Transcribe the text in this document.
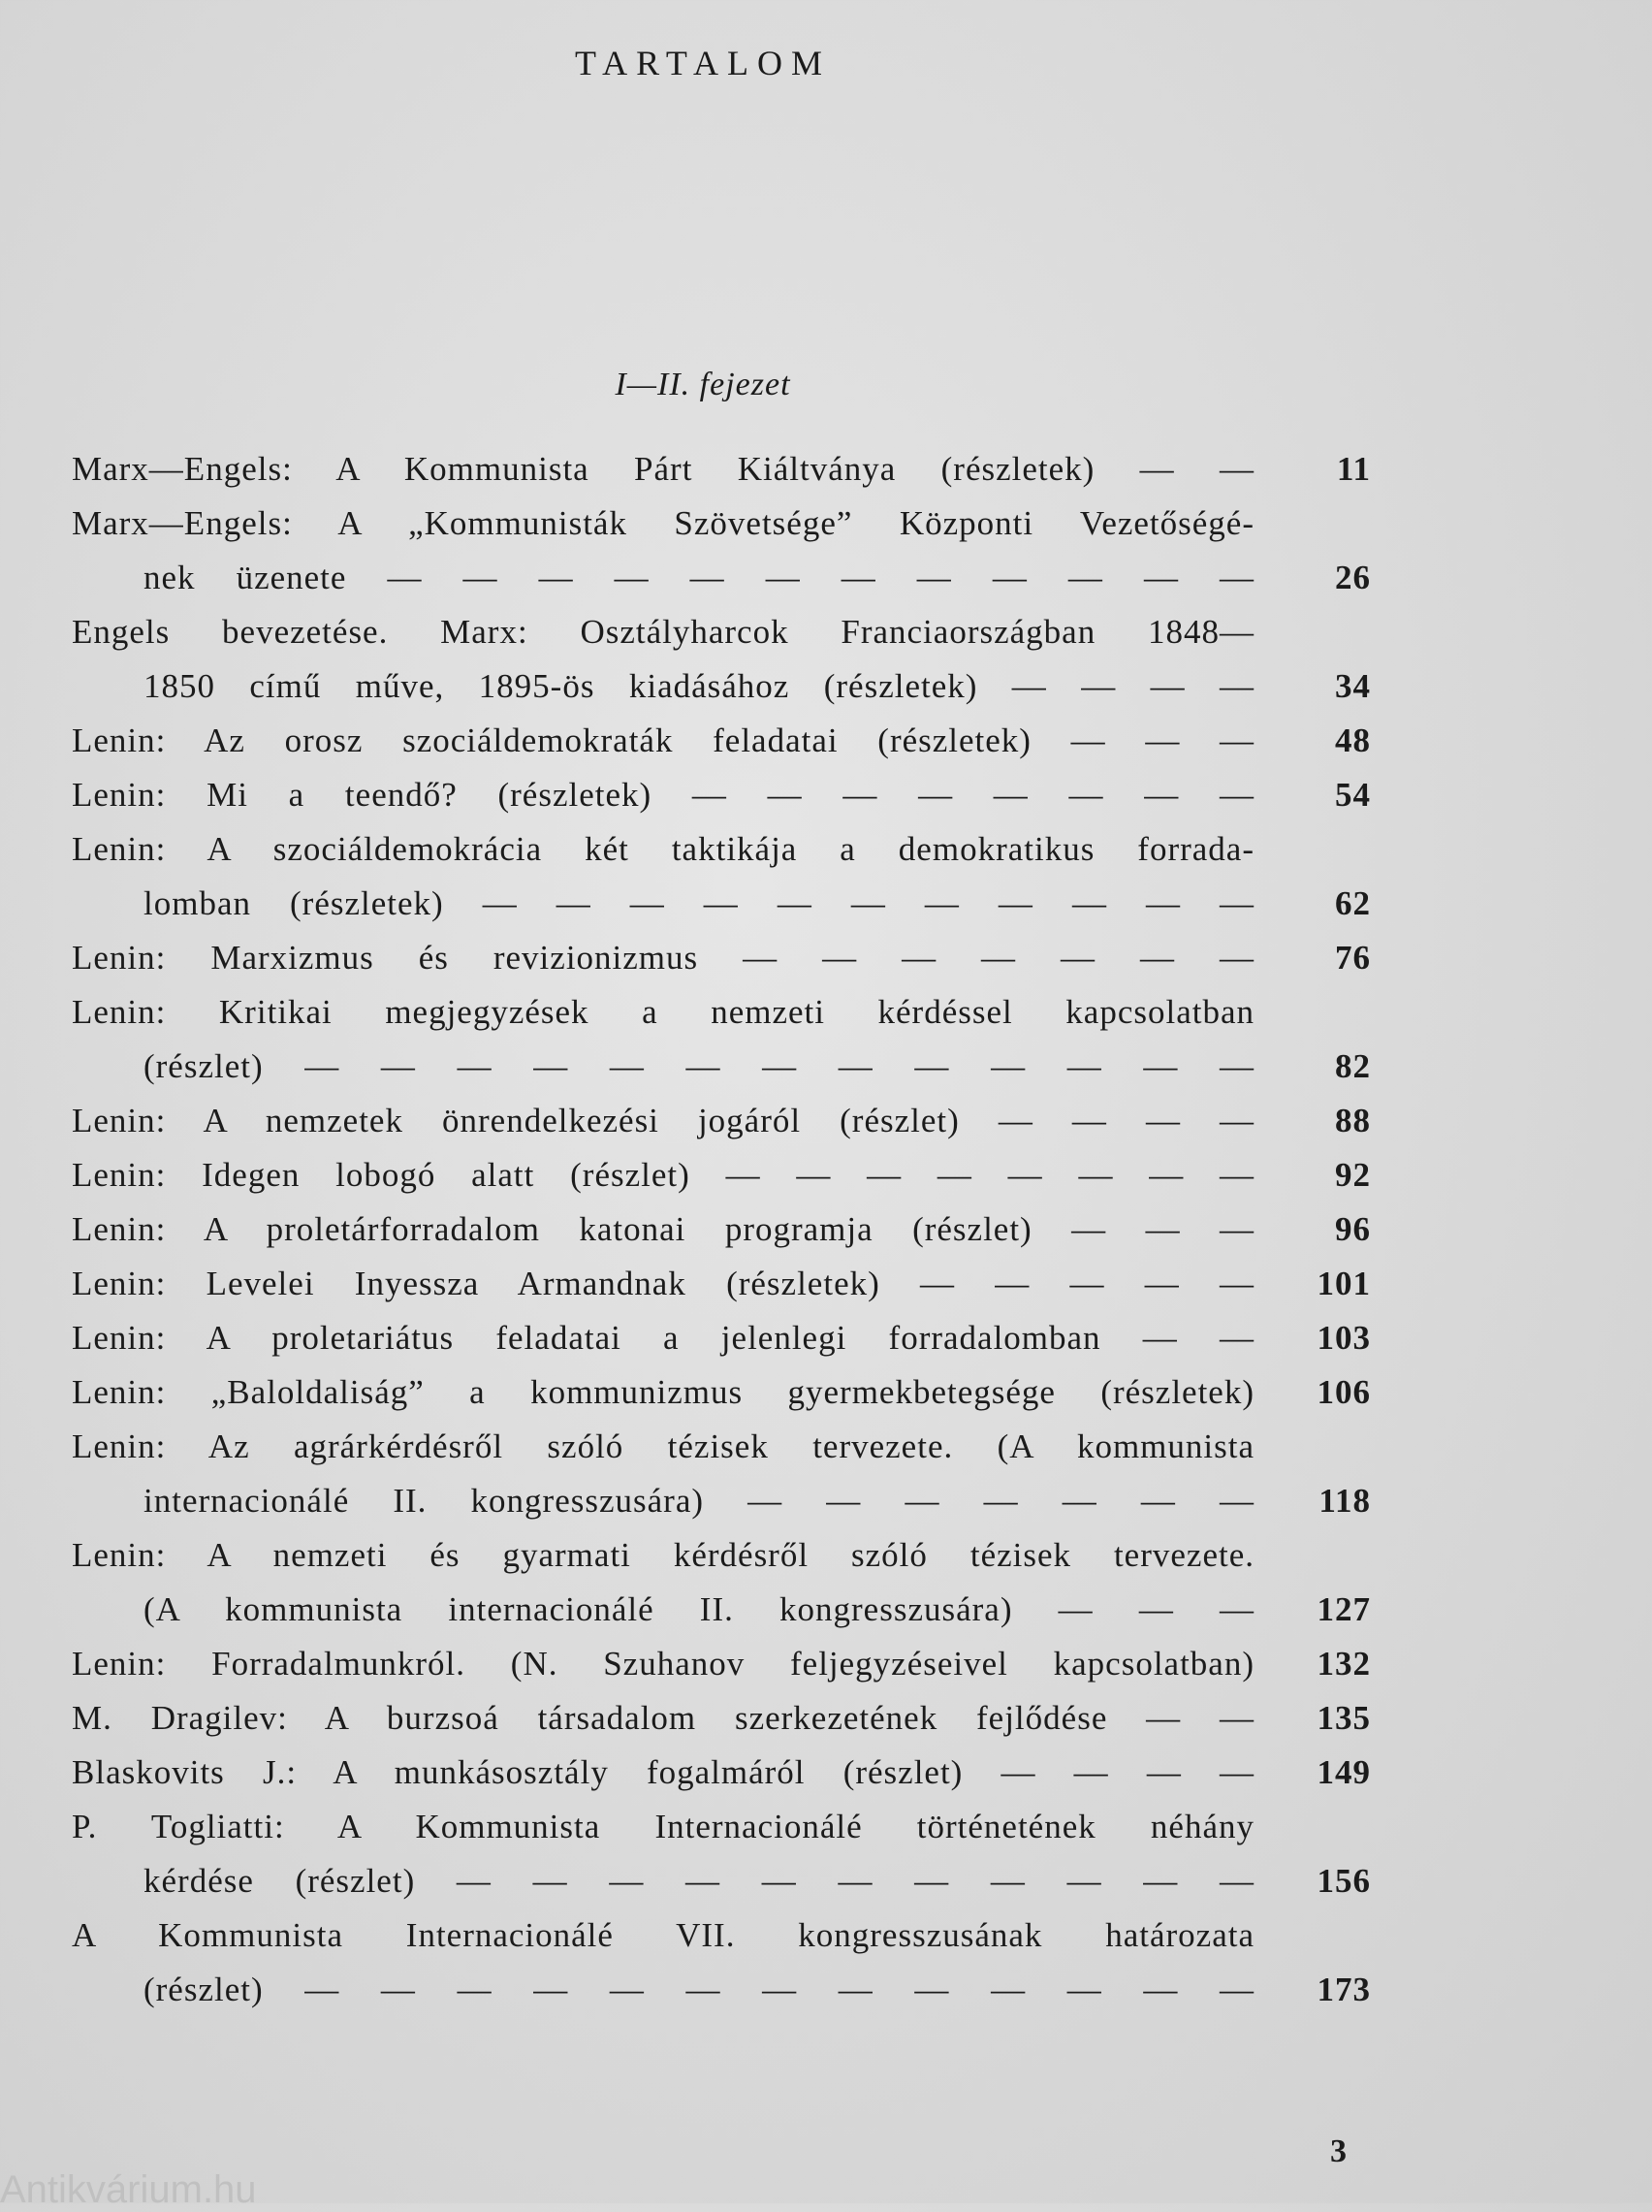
TARTALOM
I—II. fejezet
Marx—Engels: A Kommunista Párt Kiáltványa (részletek) — —	11
Marx—Engels: A „Kommunisták Szövetsége” Központi Vezetőségé-
nek üzenete — — — — — — — — — — — —	26
Engels bevezetése. Marx: Osztályharcok Franciaországban 1848—
1850 című műve, 1895-ös kiadásához (részletek) — — — —	34
Lenin: Az orosz szociáldemokraták feladatai (részletek) — — —	48
Lenin: Mi a teendő? (részletek) — — — — — — — —	54
Lenin: A szociáldemokrácia két taktikája a demokratikus forrada-
lomban (részletek) — — — — — — — — — — —	62
Lenin: Marxizmus és revizionizmus — — — — — — —	76
Lenin: Kritikai megjegyzések a nemzeti kérdéssel kapcsolatban
(részlet) — — — — — — — — — — — — —	82
Lenin: A nemzetek önrendelkezési jogáról (részlet) — — — —	88
Lenin: Idegen lobogó alatt (részlet) — — — — — — — —	92
Lenin: A proletárforradalom katonai programja (részlet) — — —	96
Lenin: Levelei Inyessza Armandnak (részletek) — — — — —	101
Lenin: A proletariátus feladatai a jelenlegi forradalomban — —	103
Lenin: „Baloldaliság” a kommunizmus gyermekbetegsége (részletek)	106
Lenin: Az agrárkérdésről szóló tézisek tervezete. (A kommunista
internacionálé II. kongresszusára) — — — — — — —	118
Lenin: A nemzeti és gyarmati kérdésről szóló tézisek tervezete.
(A kommunista internacionálé II. kongresszusára) — — —	127
Lenin: Forradalmunkról. (N. Szuhanov feljegyzéseivel kapcsolatban)	132
M. Dragilev: A burzsoá társadalom szerkezetének fejlődése — —	135
Blaskovits J.: A munkásosztály fogalmáról (részlet) — — — —	149
P. Togliatti: A Kommunista Internacionálé történetének néhány
kérdése (részlet) — — — — — — — — — — —	156
A Kommunista Internacionálé VII. kongresszusának határozata
(részlet) — — — — — — — — — — — — —	173
3
Antikvárium.hu
